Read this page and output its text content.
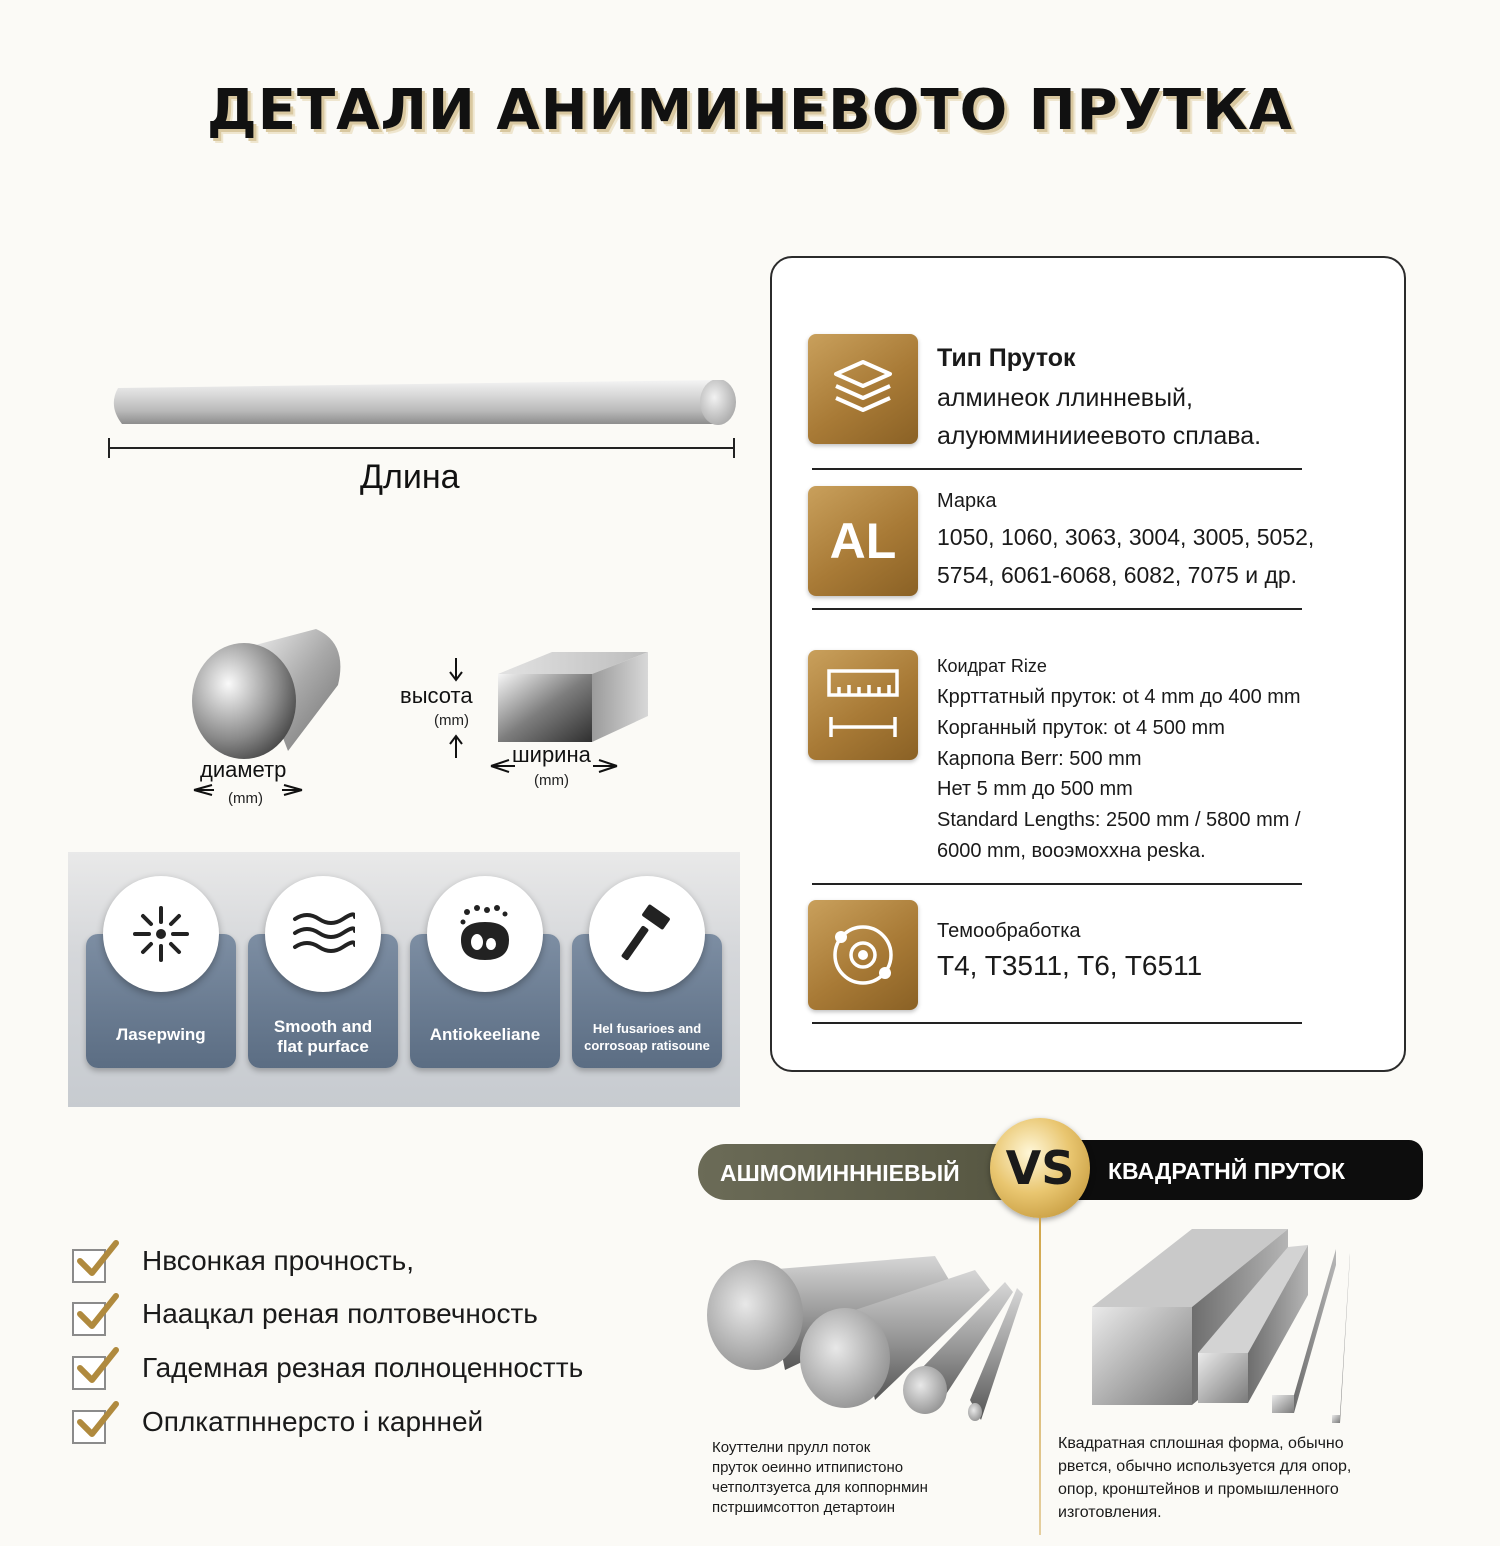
ДЕТАЛИ АНИМИНЕВОТО ПРУТКА
Длина
диаметр
(mm)
высота
(mm)
ширина
(mm)
Лasepwing	Smooth and
flat purface
Antiokeeliane	Hel fusarioes and
corrosoap ratisoune
Тип Пруток
алминеок ллинневый,
алуюмминииеевото сплава.
AL
Марка
1050, 1060, 3063, 3004, 3005, 5052,
5754, 6061-6068, 6082, 7075 и др.
Коидрат Rize
Кррттатный пруток: ot 4 mm до 400 mm
Корганный пруток: ot 4 500 mm
Карпопа Berr: 500 mm
Нет 5 mm до 500 mm
Standard Lengths: 2500 mm / 5800 mm /
6000 mm, вооэмохxна peska.
Темообработка
T4, T3511, T6, T6511
Нвсонкая прочность,
Наацкал реная полтовечность
Гадемная резная полноценностть
Оплкатпннерсто і карнней
АШМОМИНННIЕВЫЙ	КВАДРАТНЙ ПРУТОК
VS
Коуттелни прулл поток
пруток оеинно итпипистоно
четполтзуетса для коппорнмин
пстршимсоттоn детартоин
Квадратная сплошная форма, обычно
рвется, обычно используется для опор,
опор, кронштейнов и промышленного
изготовления.
